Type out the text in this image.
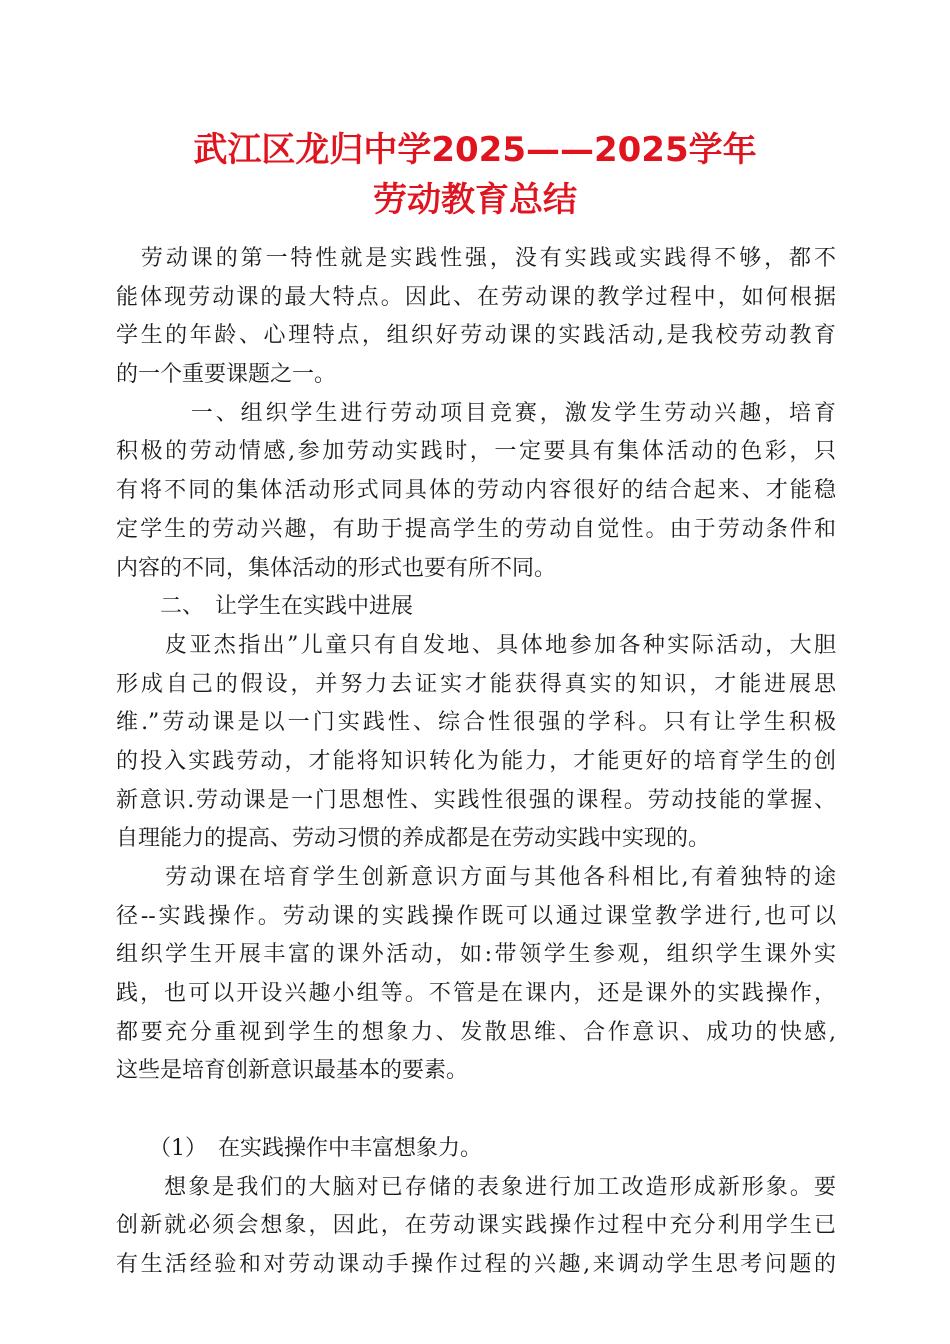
武江区龙归中学2025——2025学年
劳动教育总结
　劳动课的第一特性就是实践性强，没有实践或实践得不够，都不
能体现劳动课的最大特点。因此、在劳动课的教学过程中，如何根据
学生的年龄、心理特点，组织好劳动课的实践活动,是我校劳动教育
的一个重要课题之一。
　　　一、组织学生进行劳动项目竞赛，激发学生劳动兴趣，培育
积极的劳动情感,参加劳动实践时，一定要具有集体活动的色彩，只
有将不同的集体活动形式同具体的劳动内容很好的结合起来、才能稳
定学生的劳动兴趣，有助于提高学生的劳动自觉性。由于劳动条件和
内容的不同，集体活动的形式也要有所不同。
　　二、　让学生在实践中进展
　　皮亚杰指出”儿童只有自发地、具体地参加各种实际活动，大胆
形成自己的假设，并努力去证实才能获得真实的知识，才能进展思
维.”劳动课是以一门实践性、综合性很强的学科。只有让学生积极
的投入实践劳动，才能将知识转化为能力，才能更好的培育学生的创
新意识.劳动课是一门思想性、实践性很强的课程。劳动技能的掌握、
自理能力的提高、劳动习惯的养成都是在劳动实践中实现的。
　　劳动课在培育学生创新意识方面与其他各科相比,有着独特的途
径--实践操作。劳动课的实践操作既可以通过课堂教学进行,也可以
组织学生开展丰富的课外活动，如:带领学生参观，组织学生课外实
践，也可以开设兴趣小组等。不管是在课内，还是课外的实践操作，
都要充分重视到学生的想象力、发散思维、合作意识、成功的快感,
这些是培育创新意识最基本的要素。
　　（1）　在实践操作中丰富想象力。
　　想象是我们的大脑对已存储的表象进行加工改造形成新形象。要
创新就必须会想象，因此，在劳动课实践操作过程中充分利用学生已
有生活经验和对劳动课动手操作过程的兴趣,来调动学生思考问题的
